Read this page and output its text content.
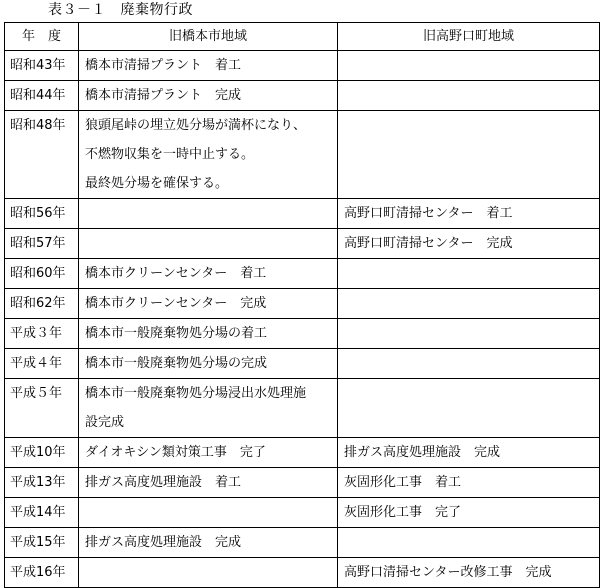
表３－１　廃棄物行政
年　度	旧橋本市地域	旧高野口町地域
昭和43年	橋本市清掃プラント　着工	

昭和44年	橋本市清掃プラント　完成	

昭和48年	狼頭尾峠の埋立処分場が満杯になり、
不燃物収集を一時中止する。
最終処分場を確保する。	

昭和56年		高野口町清掃センター　着工

昭和57年		高野口町清掃センター　完成

昭和60年	橋本市クリーンセンター　着工	

昭和62年	橋本市クリーンセンター　完成	

平成３年	橋本市一般廃棄物処分場の着工	

平成４年	橋本市一般廃棄物処分場の完成	

平成５年	橋本市一般廃棄物処分場浸出水処理施
設完成	

平成10年	ダイオキシン類対策工事　完了	排ガス高度処理施設　完成

平成13年	排ガス高度処理施設　着工	灰固形化工事　着工

平成14年		灰固形化工事　完了

平成15年	排ガス高度処理施設　完成	

平成16年		高野口清掃センター改修工事　完成
